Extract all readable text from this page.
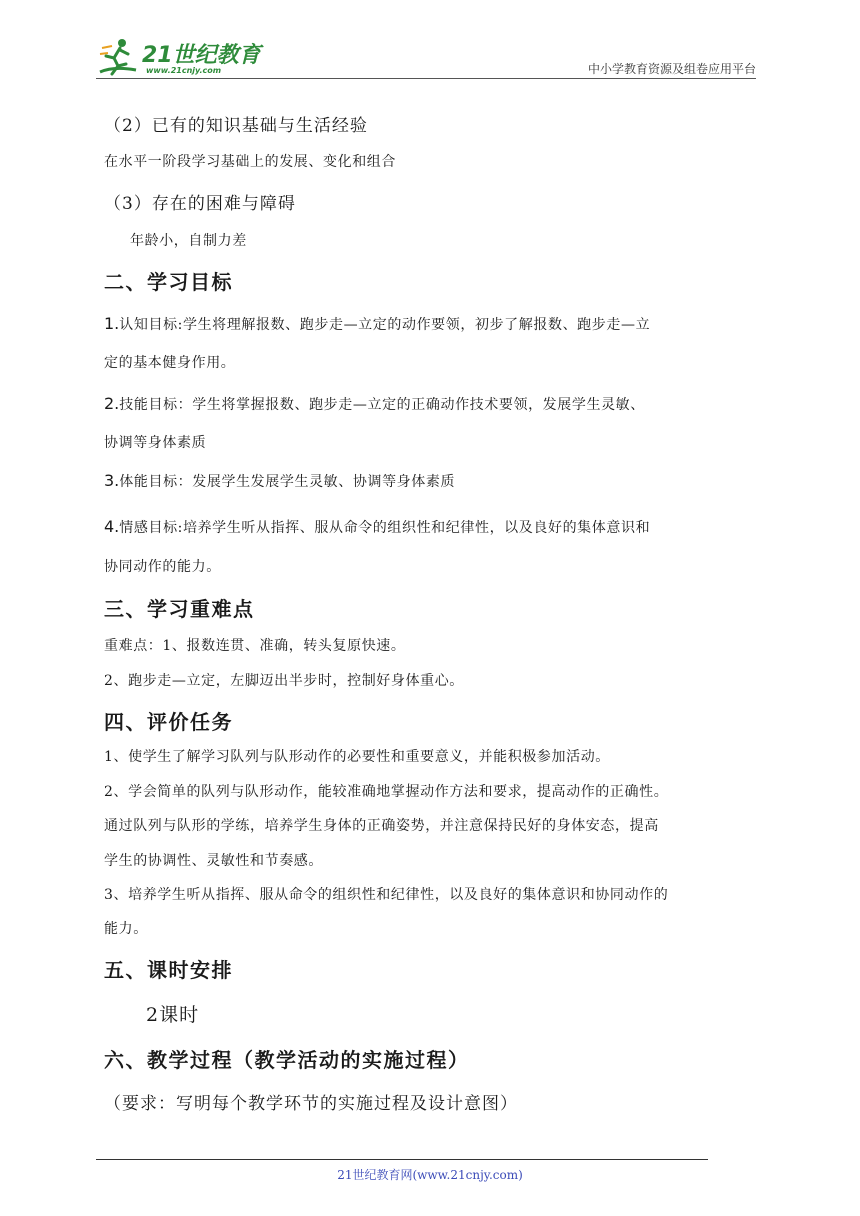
21世纪教育
www.21cnjy.com	中小学教育资源及组卷应用平台
（2）已有的知识基础与生活经验
在水平一阶段学习基础上的发展、变化和组合
（3）存在的困难与障碍
年龄小，自制力差
二、学习目标
1.认知目标:学生将理解报数、跑步走—立定的动作要领，初步了解报数、跑步走—立
定的基本健身作用。
2.技能目标：学生将掌握报数、跑步走—立定的正确动作技术要领，发展学生灵敏、
协调等身体素质
3.体能目标：发展学生发展学生灵敏、协调等身体素质
4.情感目标:培养学生听从指挥、服从命令的组织性和纪律性，以及良好的集体意识和
协同动作的能力。
三、学习重难点
重难点：1、报数连贯、准确，转头复原快速。
2、跑步走—立定，左脚迈出半步时，控制好身体重心。
四、评价任务
1、使学生了解学习队列与队形动作的必要性和重要意义，并能积极参加活动。
2、学会简单的队列与队形动作，能较准确地掌握动作方法和要求，提高动作的正确性。
通过队列与队形的学练，培养学生身体的正确姿势，并注意保持民好的身体安态，提高
学生的协调性、灵敏性和节奏感。
3、培养学生听从指挥、服从命令的组织性和纪律性，以及良好的集体意识和协同动作的
能力。
五、课时安排
2课时
六、教学过程（教学活动的实施过程）
（要求：写明每个教学环节的实施过程及设计意图）
21世纪教育网(www.21cnjy.com)
